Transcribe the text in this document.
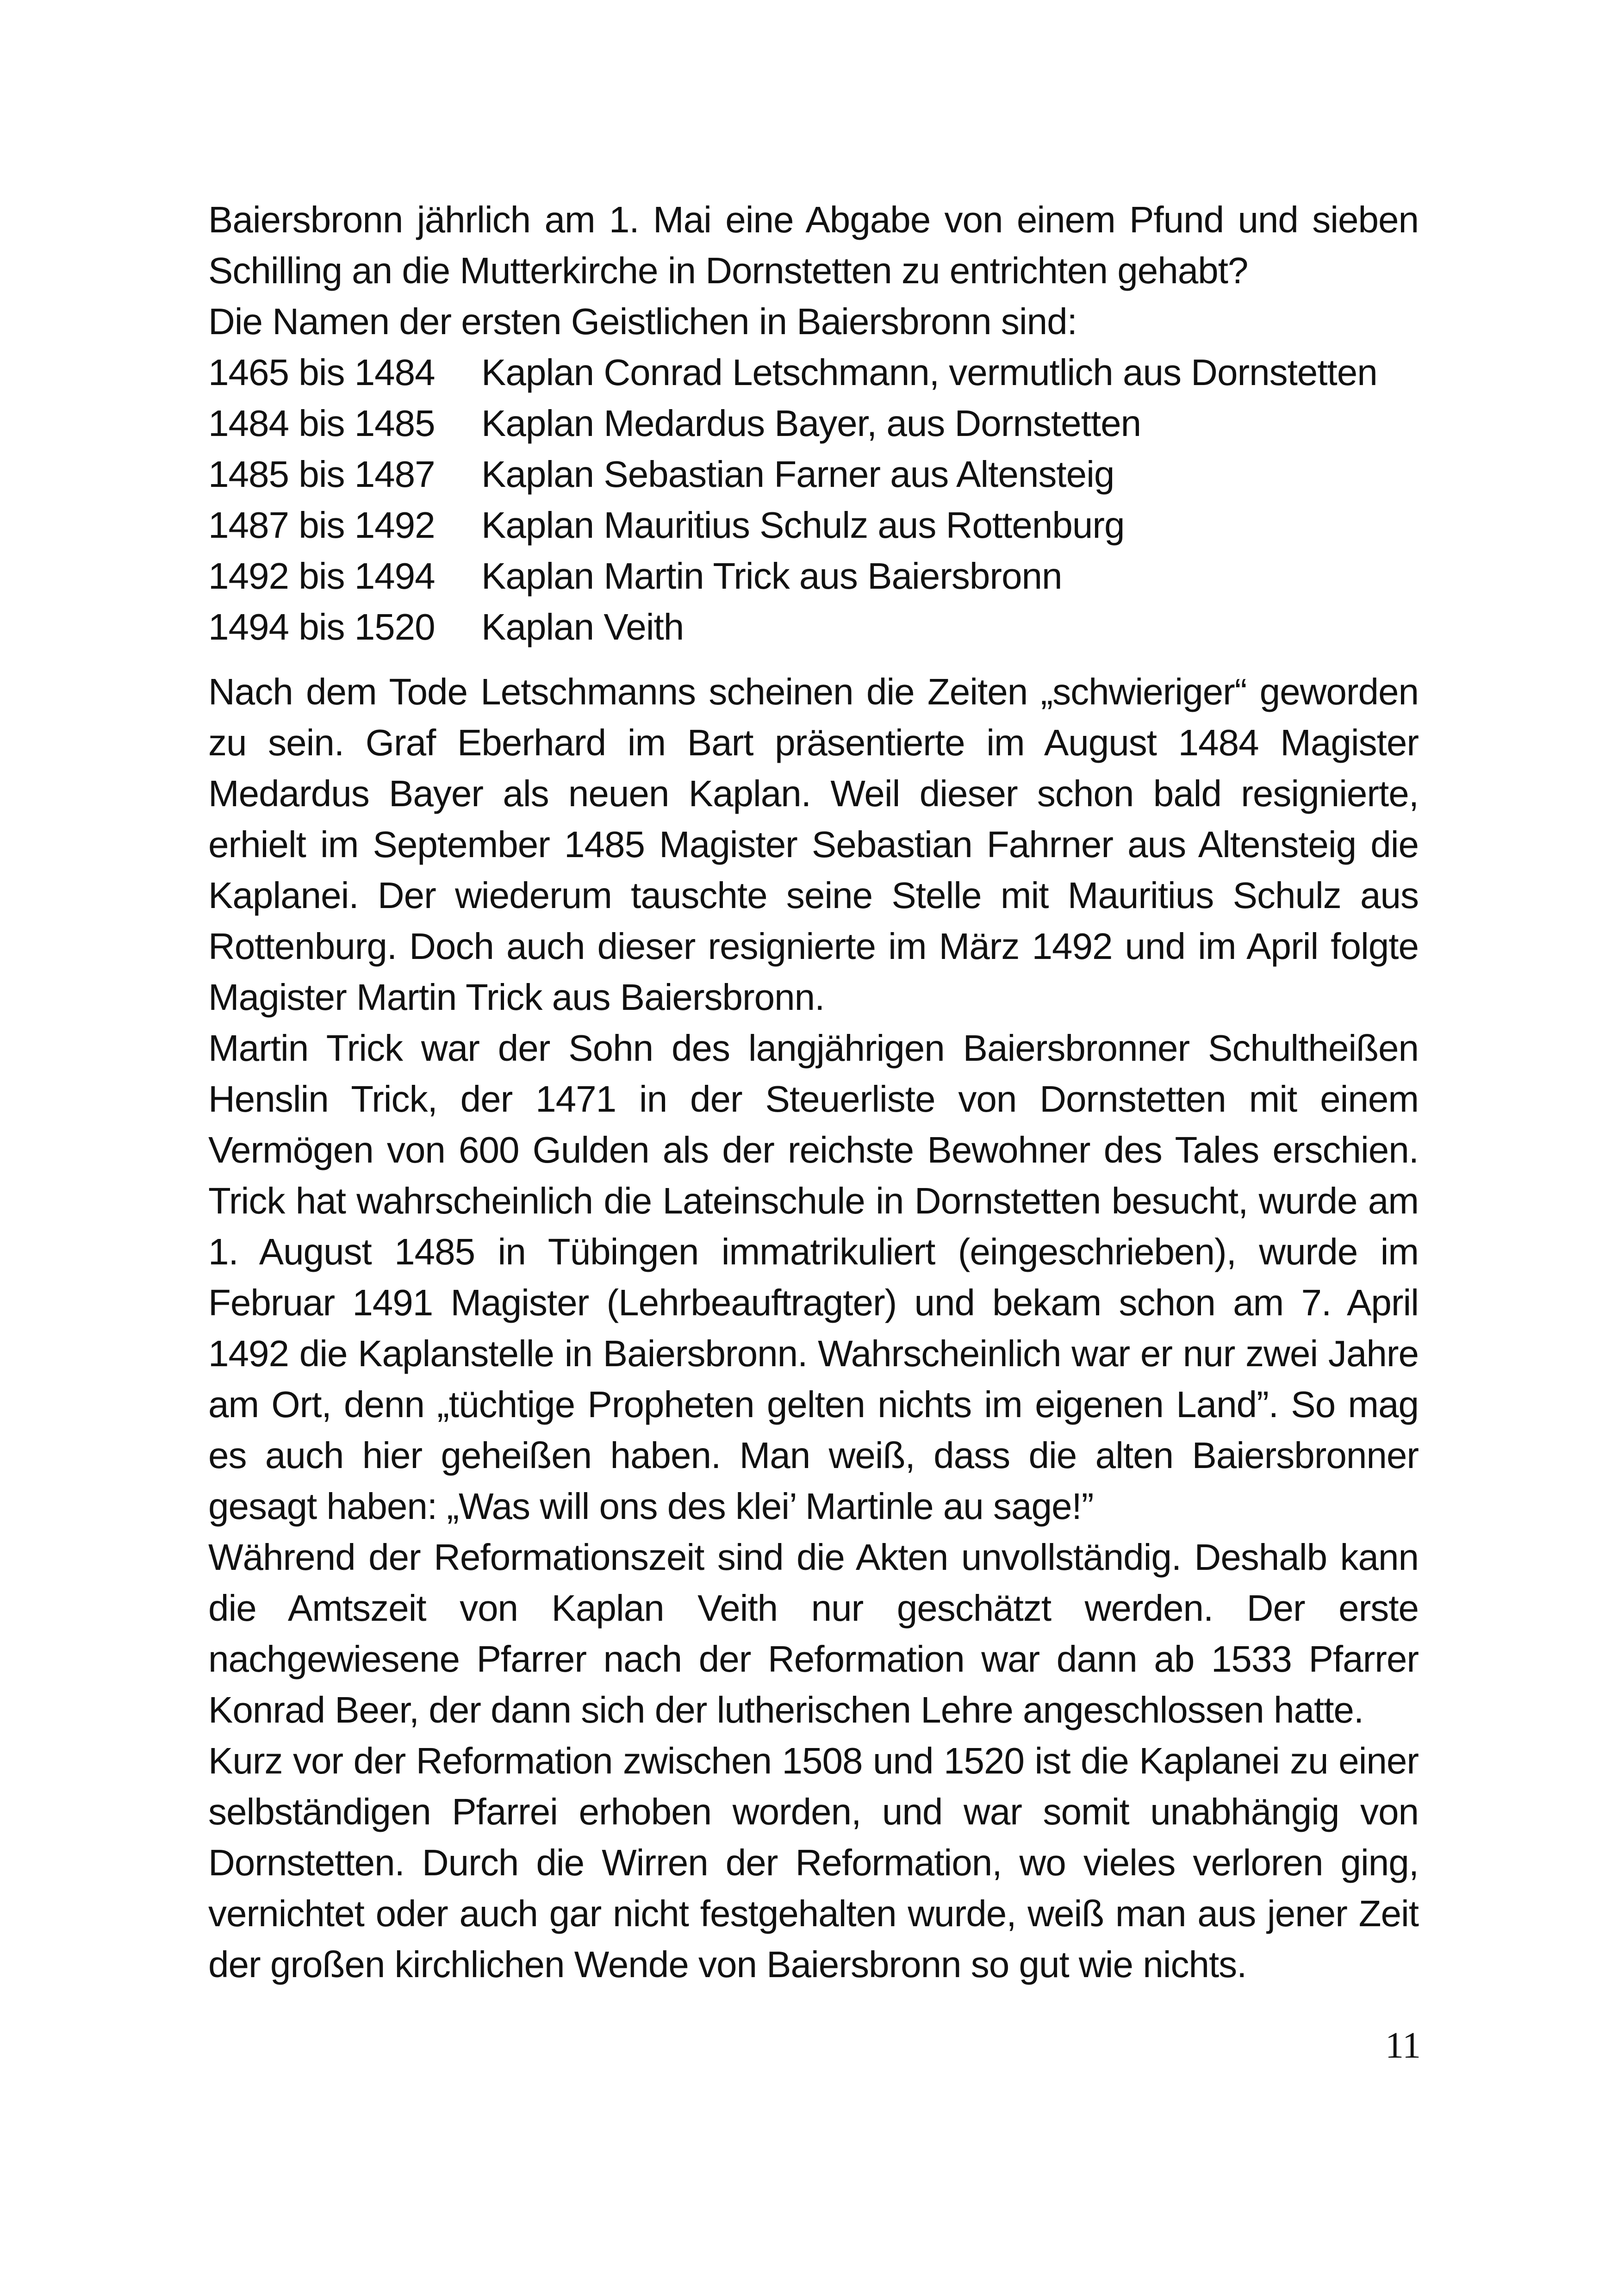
Baiersbronn jährlich am 1. Mai eine Abgabe von einem Pfund und sieben Schilling an die Mutterkirche in Dornstetten zu entrichten gehabt?

Die Namen der ersten Geistlichen in Baiersbronn sind:

1465 bis 1484	Kaplan Conrad Letschmann, vermutlich aus Dornstetten
1484 bis 1485	Kaplan Medardus Bayer, aus Dornstetten
1485 bis 1487	Kaplan Sebastian Farner aus Altensteig
1487 bis 1492	Kaplan Mauritius Schulz aus Rottenburg
1492 bis 1494	Kaplan Martin Trick aus Baiersbronn
1494 bis 1520	Kaplan Veith

Nach dem Tode Letschmanns scheinen die Zeiten „schwieriger“ geworden zu sein. Graf Eberhard im Bart präsentierte im August 1484 Magister Medardus Bayer als neuen Kaplan. Weil dieser schon bald resignierte, erhielt im September 1485 Magister Sebastian Fahrner aus Altensteig die Kaplanei. Der wiederum tauschte seine Stelle mit Mauritius Schulz aus Rottenburg. Doch auch dieser resignierte im März 1492 und im April folgte Magister Martin Trick aus Baiersbronn.

Martin Trick war der Sohn des langjährigen Baiersbronner Schultheißen Henslin Trick, der 1471 in der Steuerliste von Dornstetten mit einem Vermögen von 600 Gulden als der reichste Bewohner des Tales erschien. Trick hat wahrscheinlich die Lateinschule in Dornstetten besucht, wurde am 1. August 1485 in Tübingen immatrikuliert (eingeschrieben), wurde im Februar 1491 Magister (Lehrbeauftragter) und bekam schon am 7. April 1492 die Kaplanstelle in Baiersbronn. Wahrscheinlich war er nur zwei Jahre am Ort, denn „tüchtige Propheten gelten nichts im eigenen Land”. So mag es auch hier geheißen haben. Man weiß, dass die alten Baiersbronner gesagt haben: „Was will ons des klei’ Martinle au sage!”

Während der Reformationszeit sind die Akten unvollständig. Deshalb kann die Amtszeit von Kaplan Veith nur geschätzt werden. Der erste nachgewiesene Pfarrer nach der Reformation war dann ab 1533 Pfarrer Konrad Beer, der dann sich der lutherischen Lehre angeschlossen hatte.

Kurz vor der Reformation zwischen 1508 und 1520 ist die Kaplanei zu einer selbständigen Pfarrei erhoben worden, und war somit unabhängig von Dornstetten. Durch die Wirren der Reformation, wo vieles verloren ging, vernichtet oder auch gar nicht festgehalten wurde, weiß man aus jener Zeit der großen kirchlichen Wende von Baiersbronn so gut wie nichts.

11
